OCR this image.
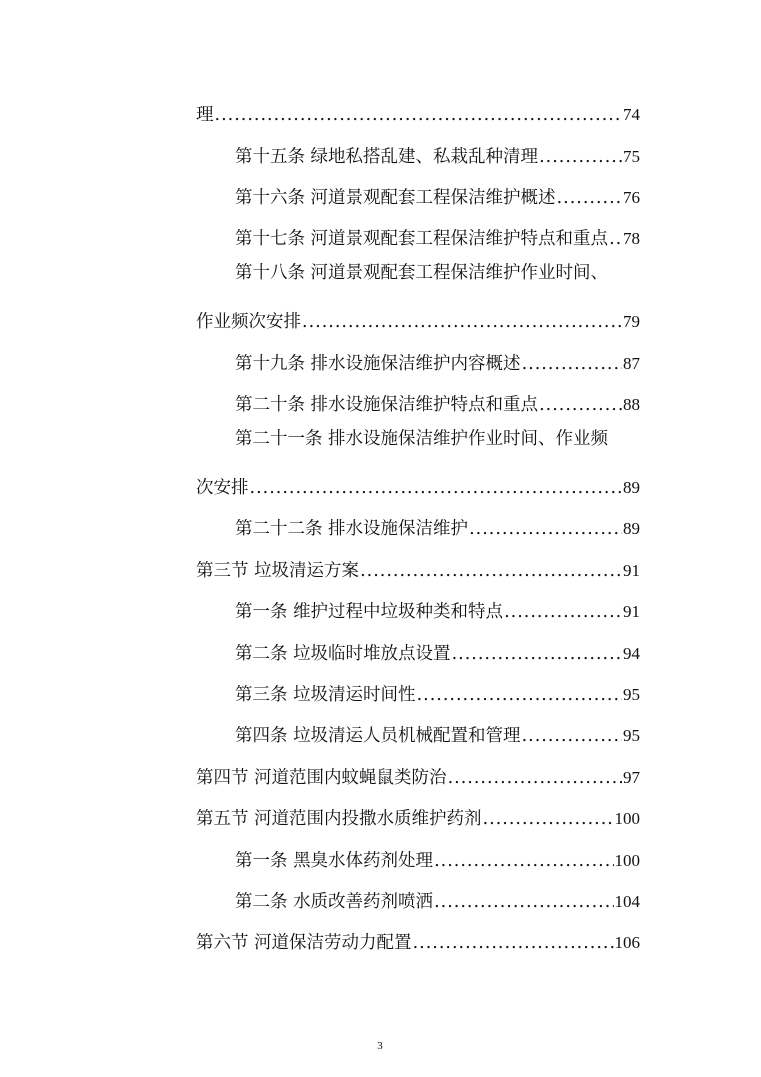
理 .....	74
第十五条 绿地私搭乱建、私栽乱种清理 .....	75
第十六条 河道景观配套工程保洁维护概述 .....	76
第十七条 河道景观配套工程保洁维护特点和重点 ..... 78
第十八条 河道景观配套工程保洁维护作业时间、
作业频次安排 .....	79
第十九条 排水设施保洁维护内容概述 .....	87
第二十条 排水设施保洁维护特点和重点 .....	88
第二十一条 排水设施保洁维护作业时间、作业频
次安排 .....	89
第二十二条 排水设施保洁维护 .....	89
第三节 垃圾清运方案 .....	91
第一条 维护过程中垃圾种类和特点 .....	91
第二条 垃圾临时堆放点设置 .....	94
第三条 垃圾清运时间性 .....	95
第四条 垃圾清运人员机械配置和管理 .....	95
第四节 河道范围内蚊蝇鼠类防治 .....	97
第五节 河道范围内投撒水质维护药剂 .....	100
第一条 黑臭水体药剂处理 .....	100
第二条 水质改善药剂喷洒 .....	104
第六节 河道保洁劳动力配置 .....	106
3
